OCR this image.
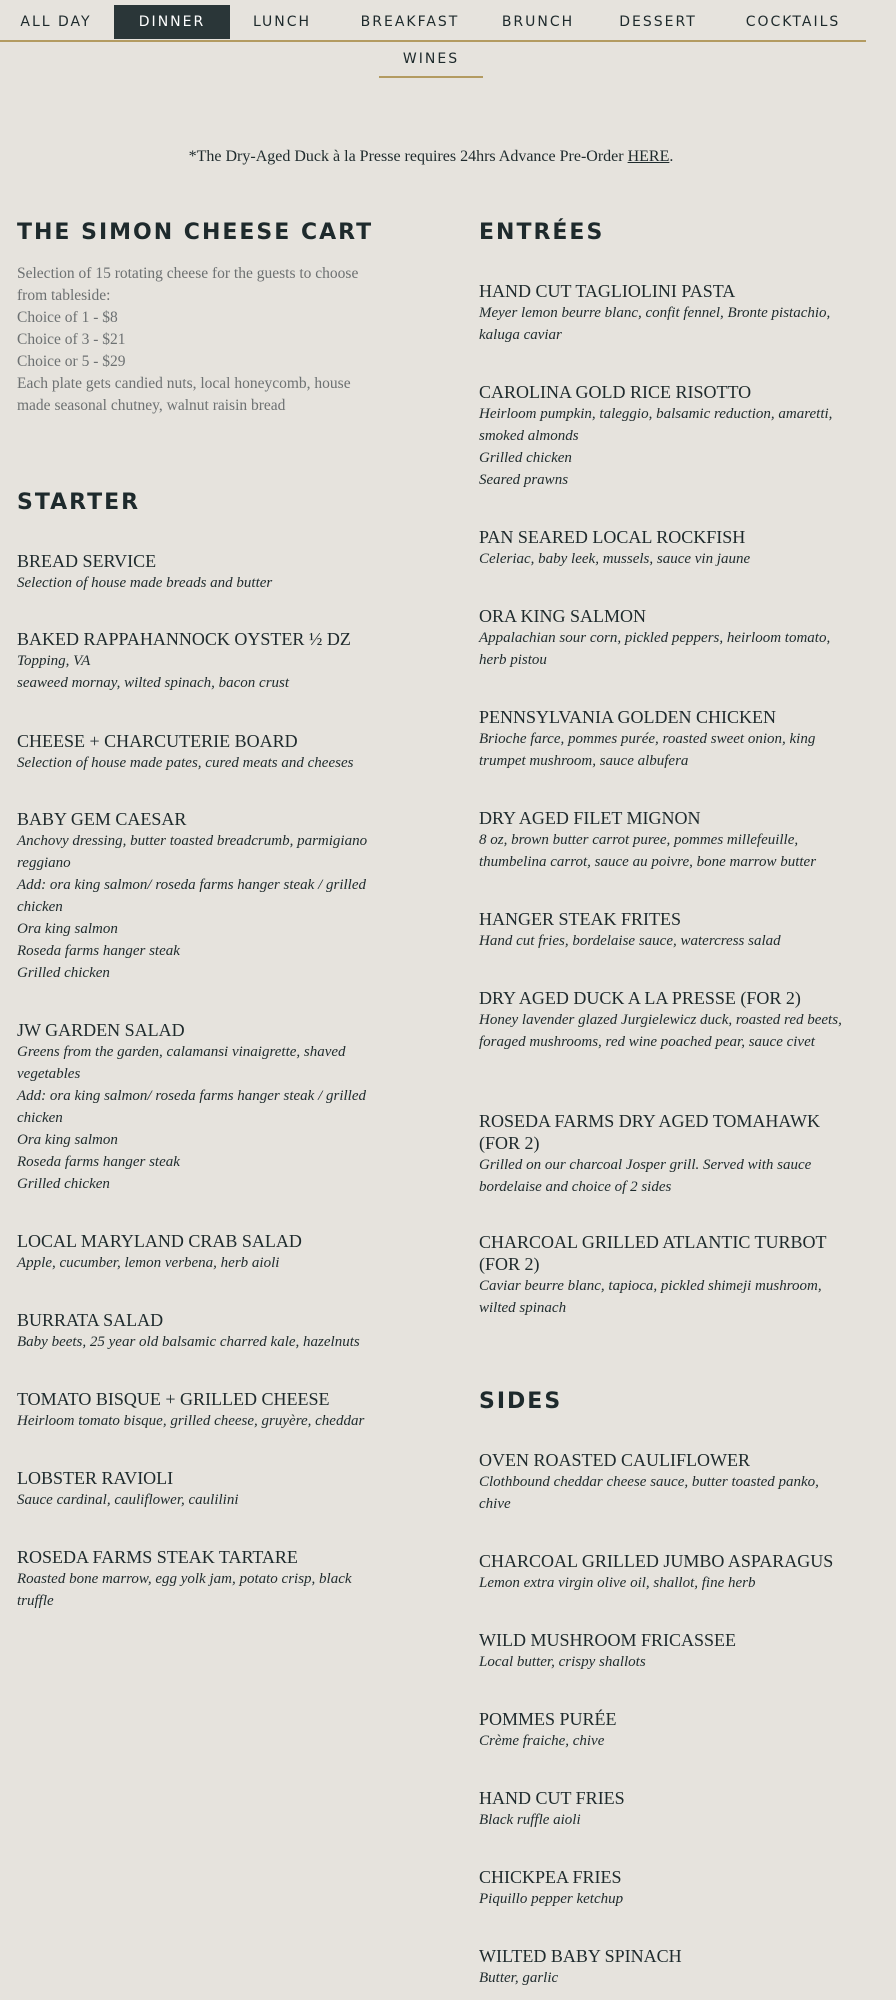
ALL DAY	DINNER	LUNCH	BREAKFAST	BRUNCH	DESSERT	COCKTAILS
WINES
*The Dry-Aged Duck à la Presse requires 24hrs Advance Pre-Order HERE.
THE SIMON CHEESE CART
Selection of 15 rotating cheese for the guests to choose from tableside:
Choice of 1 - $8
Choice of 3 - $21
Choice or 5 - $29
Each plate gets candied nuts, local honeycomb, house made seasonal chutney, walnut raisin bread
STARTER
BREAD SERVICE
Selection of house made breads and butter
BAKED RAPPAHANNOCK OYSTER ½ DZ
Topping, VA
seaweed mornay, wilted spinach, bacon crust
CHEESE + CHARCUTERIE BOARD
Selection of house made pates, cured meats and cheeses
BABY GEM CAESAR
Anchovy dressing, butter toasted breadcrumb, parmigiano reggiano
Add: ora king salmon/ roseda farms hanger steak / grilled chicken
Ora king salmon
Roseda farms hanger steak
Grilled chicken
JW GARDEN SALAD
Greens from the garden, calamansi vinaigrette, shaved vegetables
Add: ora king salmon/ roseda farms hanger steak / grilled chicken
Ora king salmon
Roseda farms hanger steak
Grilled chicken
LOCAL MARYLAND CRAB SALAD
Apple, cucumber, lemon verbena, herb aioli
BURRATA SALAD
Baby beets, 25 year old balsamic charred kale, hazelnuts
TOMATO BISQUE + GRILLED CHEESE
Heirloom tomato bisque, grilled cheese, gruyère, cheddar
LOBSTER RAVIOLI
Sauce cardinal, cauliflower, caulilini
ROSEDA FARMS STEAK TARTARE
Roasted bone marrow, egg yolk jam, potato crisp, black truffle
ENTRÉES
HAND CUT TAGLIOLINI PASTA
Meyer lemon beurre blanc, confit fennel, Bronte pistachio, kaluga caviar
CAROLINA GOLD RICE RISOTTO
Heirloom pumpkin, taleggio, balsamic reduction, amaretti, smoked almonds
Grilled chicken
Seared prawns
PAN SEARED LOCAL ROCKFISH
Celeriac, baby leek, mussels, sauce vin jaune
ORA KING SALMON
Appalachian sour corn, pickled peppers, heirloom tomato, herb pistou
PENNSYLVANIA GOLDEN CHICKEN
Brioche farce, pommes purée, roasted sweet onion, king trumpet mushroom, sauce albufera
DRY AGED FILET MIGNON
8 oz, brown butter carrot puree, pommes millefeuille, thumbelina carrot, sauce au poivre, bone marrow butter
HANGER STEAK FRITES
Hand cut fries, bordelaise sauce, watercress salad
DRY AGED DUCK A LA PRESSE (FOR 2)
Honey lavender glazed Jurgielewicz duck, roasted red beets, foraged mushrooms, red wine poached pear, sauce civet
ROSEDA FARMS DRY AGED TOMAHAWK (FOR 2)
Grilled on our charcoal Josper grill. Served with sauce bordelaise and choice of 2 sides
CHARCOAL GRILLED ATLANTIC TURBOT (FOR 2)
Caviar beurre blanc, tapioca, pickled shimeji mushroom, wilted spinach
SIDES
OVEN ROASTED CAULIFLOWER
Clothbound cheddar cheese sauce, butter toasted panko, chive
CHARCOAL GRILLED JUMBO ASPARAGUS
Lemon extra virgin olive oil, shallot, fine herb
WILD MUSHROOM FRICASSEE
Local butter, crispy shallots
POMMES PURÉE
Crème fraiche, chive
HAND CUT FRIES
Black ruffle aioli
CHICKPEA FRIES
Piquillo pepper ketchup
WILTED BABY SPINACH
Butter, garlic
